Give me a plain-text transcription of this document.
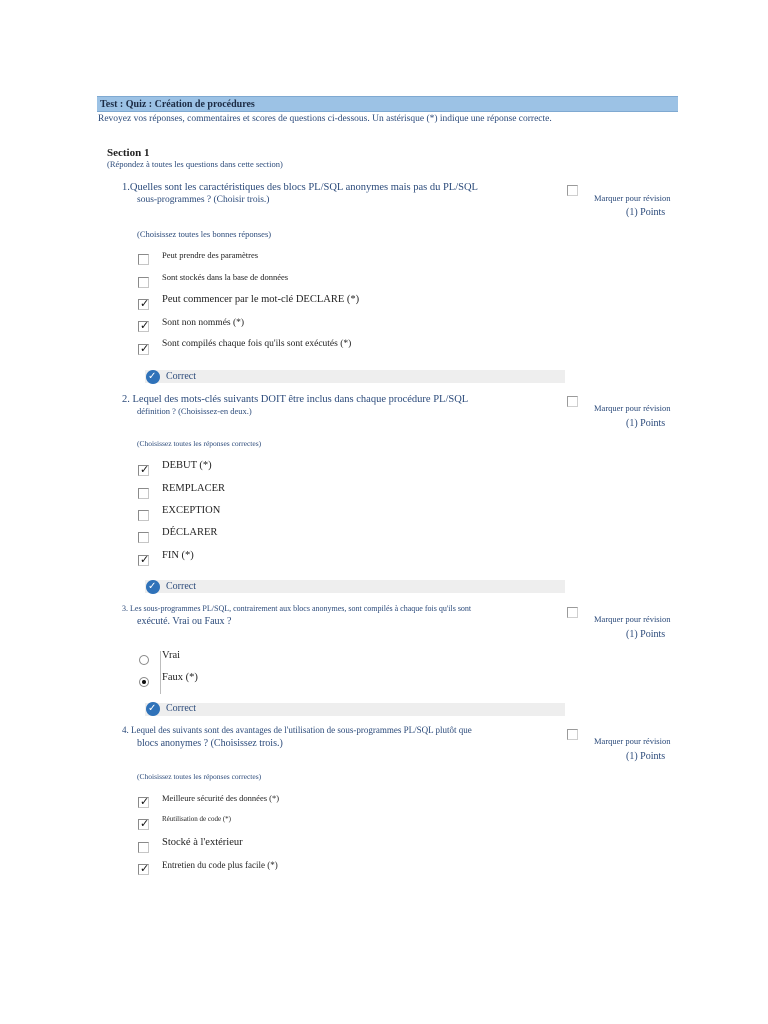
Test : Quiz : Création de procédures
Revoyez vos réponses, commentaires et scores de questions ci-dessous. Un astérisque (*) indique une réponse correcte.
Section 1
(Répondez à toutes les questions dans cette section)
1.Quelles sont les caractéristiques des blocs PL/SQL anonymes mais pas du PL/SQL
sous-programmes ? (Choisir trois.)	Marquer pour révision
(1) Points
(Choisissez toutes les bonnes réponses)
Peut prendre des paramètres
Sont stockés dans la base de données
✓ Peut commencer par le mot-clé DECLARE (*)
✓ Sont non nommés (*)
✓ Sont compilés chaque fois qu'ils sont exécutés (*)
✓ Correct
2. Lequel des mots-clés suivants DOIT être inclus dans chaque procédure PL/SQL
définition ? (Choisissez-en deux.)	Marquer pour révision
(1) Points
(Choisissez toutes les réponses correctes)
✓ DEBUT (*)
REMPLACER
EXCEPTION
DÉCLARER
✓ FIN (*)
✓ Correct
3. Les sous-programmes PL/SQL, contrairement aux blocs anonymes, sont compilés à chaque fois qu'ils sont
exécuté. Vrai ou Faux ?	Marquer pour révision
(1) Points
Vrai
Faux (*)
✓ Correct
4. Lequel des suivants sont des avantages de l'utilisation de sous-programmes PL/SQL plutôt que
blocs anonymes ? (Choisissez trois.)	Marquer pour révision
(1) Points
(Choisissez toutes les réponses correctes)
✓ Meilleure sécurité des données (*)
✓ Réutilisation de code (*)
Stocké à l'extérieur
✓ Entretien du code plus facile (*)
